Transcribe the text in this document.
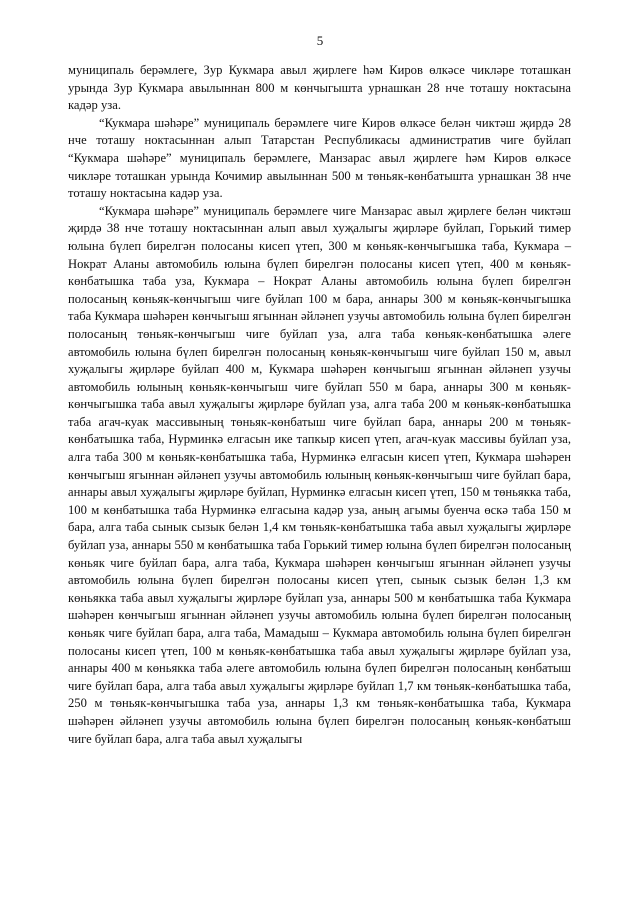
5

муниципаль берәмлеге, Зур Кукмара авыл җирлеге һәм Киров өлкәсе чикләре тоташкан урында Зур Кукмара авылыннан 800 м көнчыгышта урнашкан 28 нче тоташу ноктасына кадәр уза.

“Кукмара шәһәре” муниципаль берәмлеге чиге Киров өлкәсе белән чиктәш җирдә 28 нче тоташу ноктасыннан алып Татарстан Республикасы административ чиге буйлап “Кукмара шәһәре” муниципаль берәмлеге, Манзарас авыл җирлеге һәм Киров өлкәсе чикләре тоташкан урында Кочимир авылыннан 500 м төньяк-көнбатышта урнашкан 38 нче тоташу ноктасына кадәр уза.

“Кукмара шәһәре” муниципаль берәмлеге чиге Манзарас авыл җирлеге белән чиктәш җирдә 38 нче тоташу ноктасыннан алып авыл хуҗалыгы җирләре буйлап, Горький тимер юлына бүлеп бирелгән полосаны кисеп үтеп, 300 м көньяк-көнчыгышка таба, Кукмара – Нократ Аланы автомобиль юлына бүлеп бирелгән полосаны кисеп үтеп, 400 м көньяк-көнбатышка таба уза, Кукмара – Нократ Аланы автомобиль юлына бүлеп бирелгән полосаның көньяк-көнчыгыш чиге буйлап 100 м бара, аннары 300 м көньяк-көнчыгышка таба Кукмара шәһәрен көнчыгыш ягыннан әйләнеп узучы автомобиль юлына бүлеп бирелгән полосаның төньяк-көнчыгыш чиге буйлап уза, алга таба көньяк-көнбатышка әлеге автомобиль юлына бүлеп бирелгән полосаның көньяк-көнчыгыш чиге буйлап 150 м, авыл хуҗалыгы җирләре буйлап 400 м, Кукмара шәһәрен көнчыгыш ягыннан әйләнеп узучы автомобиль юлының көньяк-көнчыгыш чиге буйлап 550 м бара, аннары 300 м көньяк-көнчыгышка таба авыл хуҗалыгы җирләре буйлап уза, алга таба 200 м көньяк-көнбатышка таба агач-куак массивының төньяк-көнбатыш чиге буйлап бара, аннары 200 м төньяк-көнбатышка таба, Нурминкә елгасын ике тапкыр кисеп үтеп, агач-куак массивы буйлап уза, алга таба 300 м көньяк-көнбатышка таба, Нурминкә елгасын кисеп үтеп, Кукмара шәһәрен көнчыгыш ягыннан әйләнеп узучы автомобиль юлының көньяк-көнчыгыш чиге буйлап бара, аннары авыл хуҗалыгы җирләре буйлап, Нурминкә елгасын кисеп үтеп, 150 м төньякка таба, 100 м көнбатышка таба Нурминкә елгасына кадәр уза, аның агымы буенча өскә таба 150 м бара, алга таба сынык сызык белән 1,4 км төньяк-көнбатышка таба авыл хуҗалыгы җирләре буйлап уза, аннары 550 м көнбатышка таба Горький тимер юлына бүлеп бирелгән полосаның көньяк чиге буйлап бара, алга таба, Кукмара шәһәрен көнчыгыш ягыннан әйләнеп узучы автомобиль юлына бүлеп бирелгән полосаны кисеп үтеп, сынык сызык белән 1,3 км көньякка таба авыл хуҗалыгы җирләре буйлап уза, аннары 500 м көнбатышка таба Кукмара шәһәрен көнчыгыш ягыннан әйләнеп узучы автомобиль юлына бүлеп бирелгән полосаның көньяк чиге буйлап бара, алга таба, Мамадыш – Кукмара автомобиль юлына бүлеп бирелгән полосаны кисеп үтеп, 100 м көньяк-көнбатышка таба авыл хуҗалыгы җирләре буйлап уза, аннары 400 м көньякка таба әлеге автомобиль юлына бүлеп бирелгән полосаның көнбатыш чиге буйлап бара, алга таба авыл хуҗалыгы җирләре буйлап 1,7 км төньяк-көнбатышка таба, 250 м төньяк-көнчыгышка таба уза, аннары 1,3 км төньяк-көнбатышка таба, Кукмара шәһәрен әйләнеп узучы автомобиль юлына бүлеп бирелгән полосаның көньяк-көнбатыш чиге буйлап бара, алга таба авыл хуҗалыгы
